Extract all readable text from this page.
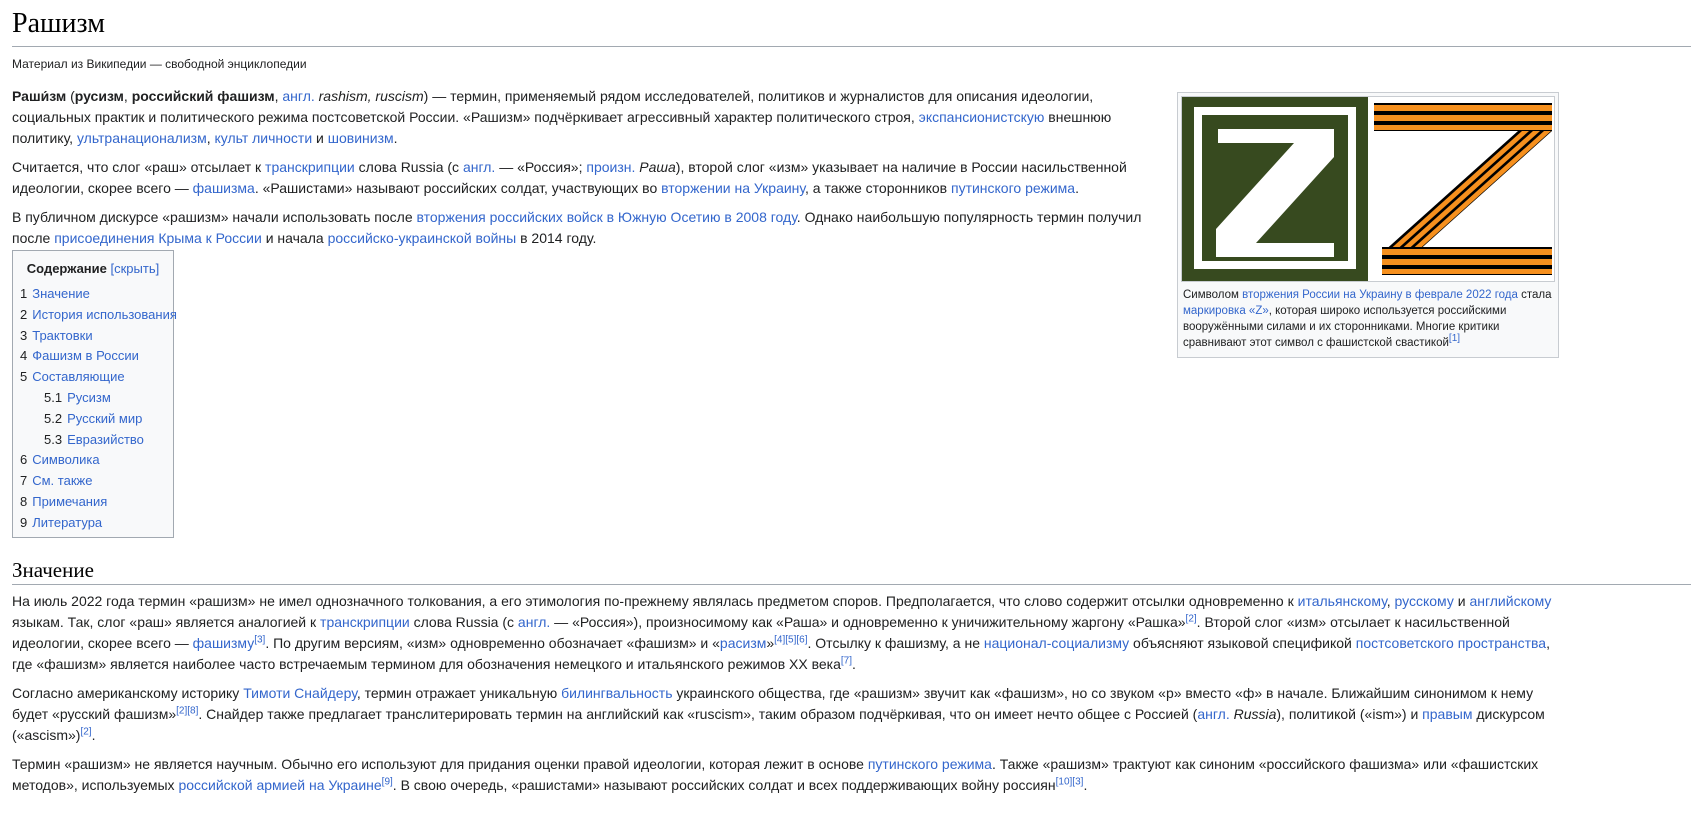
Рашизм
Материал из Википедии — свободной энциклопедии

Раши́зм (русизм, российский фашизм, англ. rashism, ruscism) — термин, применяемый рядом исследователей, политиков и журналистов для описания идеологии, социальных практик и политического режима постсоветской России. «Рашизм» подчёркивает агрессивный характер политического строя, экспансионистскую внешнюю политику, ультранационализм, культ личности и шовинизм.

Считается, что слог «раш» отсылает к транскрипции слова Russia (с англ. — «Россия»; произн. Раша), второй слог «изм» указывает на наличие в России насильственной идеологии, скорее всего — фашизма. «Рашистами» называют российских солдат, участвующих во вторжении на Украину, а также сторонников путинского режима.

В публичном дискурсе «рашизм» начали использовать после вторжения российских войск в Южную Осетию в 2008 году. Однако наибольшую популярность термин получил после присоединения Крыма к России и начала российско-украинской войны в 2014 году.

Содержание [скрыть]
1 Значение
2 История использования
3 Трактовки
4 Фашизм в России
5 Составляющие
5.1 Русизм
5.2 Русский мир
5.3 Евразийство
6 Символика
7 См. также
8 Примечания
9 Литература
Символом вторжения России на Украину в феврале 2022 года стала маркировка «Z», которая широко используется российскими вооружёнными силами и их сторонниками. Многие критики сравнивают этот символ с фашистской свастикой[1]
Значение

На июль 2022 года термин «рашизм» не имел однозначного толкования, а его этимология по-прежнему являлась предметом споров. Предполагается, что слово содержит отсылки одновременно к итальянскому, русскому и английскому языкам. Так, слог «раш» является аналогией к транскрипции слова Russia (с англ. — «Россия»), произносимому как «Раша» и одновременно к уничижительному жаргону «Рашка»[2]. Второй слог «изм» отсылает к насильственной идеологии, скорее всего — фашизму[3]. По другим версиям, «изм» одновременно обозначает «фашизм» и «расизм»[4][5][6]. Отсылку к фашизму, а не национал-социализму объясняют языковой спецификой постсоветского пространства, где «фашизм» является наиболее часто встречаемым термином для обозначения немецкого и итальянского режимов XX века[7].

Согласно американскому историку Тимоти Снайдеру, термин отражает уникальную билингвальность украинского общества, где «рашизм» звучит как «фашизм», но со звуком «р» вместо «ф» в начале. Ближайшим синонимом к нему будет «русский фашизм»[2][8]. Снайдер также предлагает транслитерировать термин на английский как «ruscism», таким образом подчёркивая, что он имеет нечто общее с Россией (англ. Russia), политикой («ism») и правым дискурсом («ascism»)[2].

Термин «рашизм» не является научным. Обычно его используют для придания оценки правой идеологии, которая лежит в основе путинского режима. Также «рашизм» трактуют как синоним «российского фашизма» или «фашистских методов», используемых российской армией на Украине[9]. В свою очередь, «рашистами» называют российских солдат и всех поддерживающих войну россиян[10][3].
